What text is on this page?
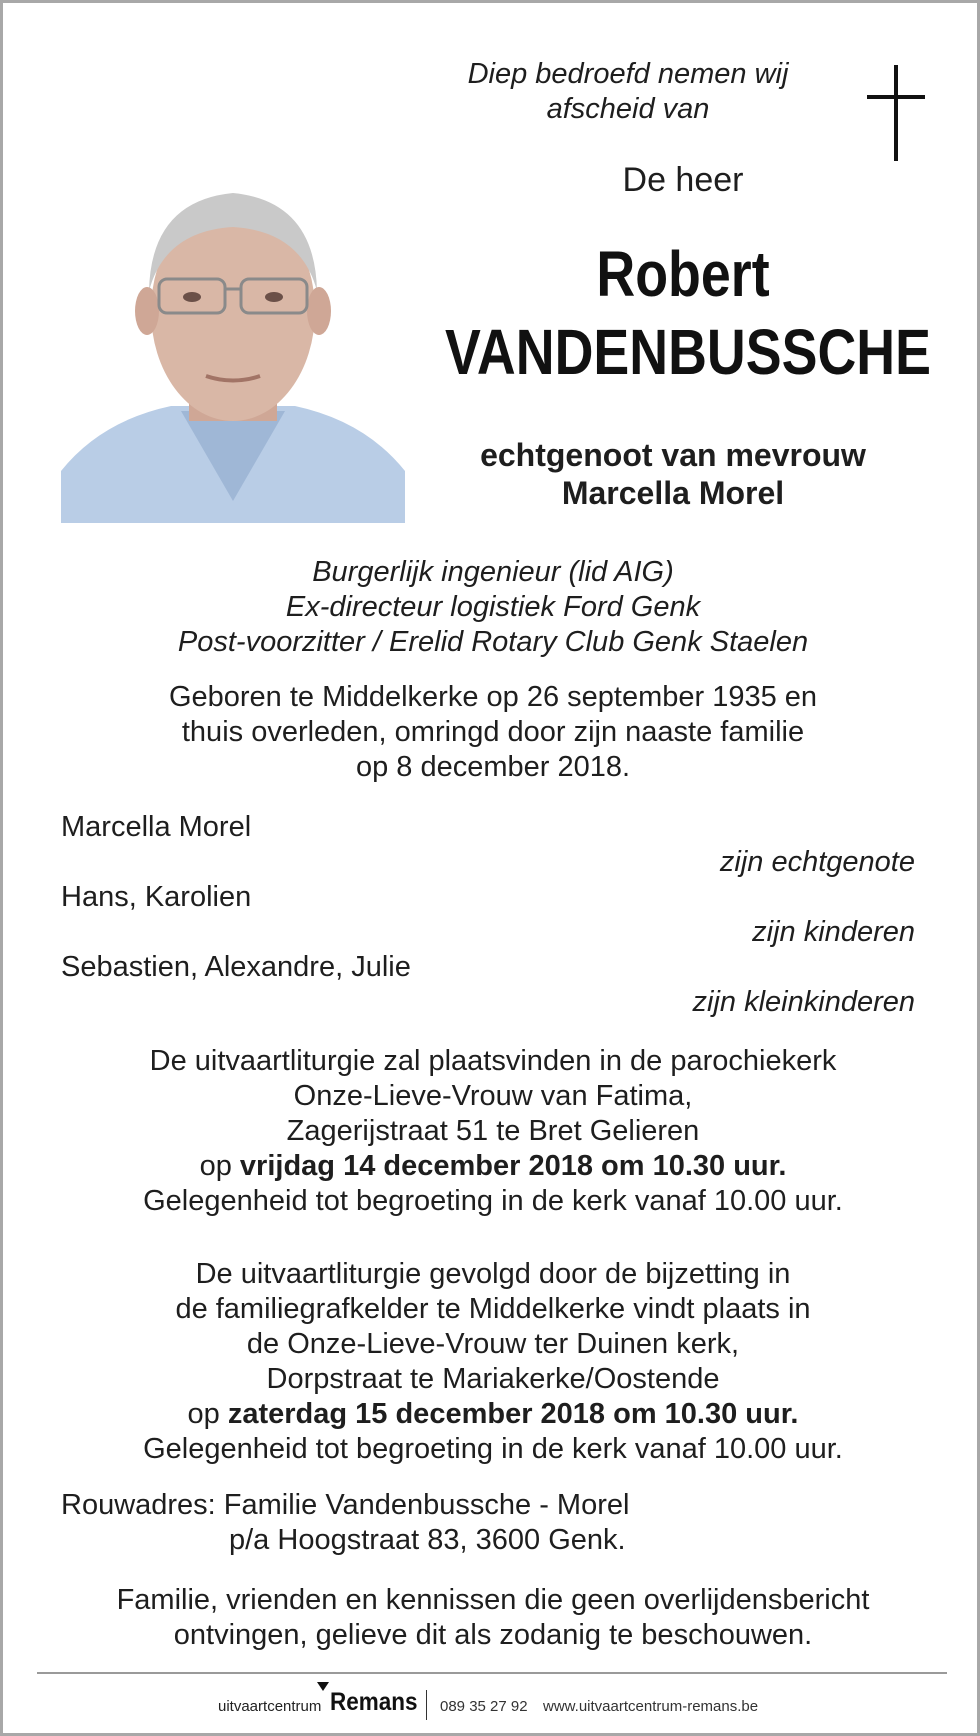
Diep bedroefd nemen wij
afscheid van
De heer
Robert
VANDENBUSSCHE
echtgenoot van mevrouw
Marcella Morel
Burgerlijk ingenieur (lid AIG)
Ex-directeur logistiek Ford Genk
Post-voorzitter / Erelid Rotary Club Genk Staelen
Geboren te Middelkerke op 26 september 1935 en
thuis overleden, omringd door zijn naaste familie
op 8 december 2018.
Marcella Morel
zijn echtgenote
Hans, Karolien
zijn kinderen
Sebastien, Alexandre, Julie
zijn kleinkinderen
De uitvaartliturgie zal plaatsvinden in de parochiekerk
Onze-Lieve-Vrouw van Fatima,
Zagerijstraat 51 te Bret Gelieren
op vrijdag 14 december 2018 om 10.30 uur.
Gelegenheid tot begroeting in de kerk vanaf 10.00 uur.
De uitvaartliturgie gevolgd door de bijzetting in
de familiegrafkelder te Middelkerke vindt plaats in
de Onze-Lieve-Vrouw ter Duinen kerk,
Dorpstraat te Mariakerke/Oostende
op zaterdag 15 december 2018 om 10.30 uur.
Gelegenheid tot begroeting in de kerk vanaf 10.00 uur.
Rouwadres: Familie Vandenbussche - Morel
p/a Hoogstraat 83, 3600 Genk.
Familie, vrienden en kennissen die geen overlijdensbericht
ontvingen, gelieve dit als zodanig te beschouwen.
uitvaartcentrum Remans 089 35 27 92 www.uitvaartcentrum-remans.be
